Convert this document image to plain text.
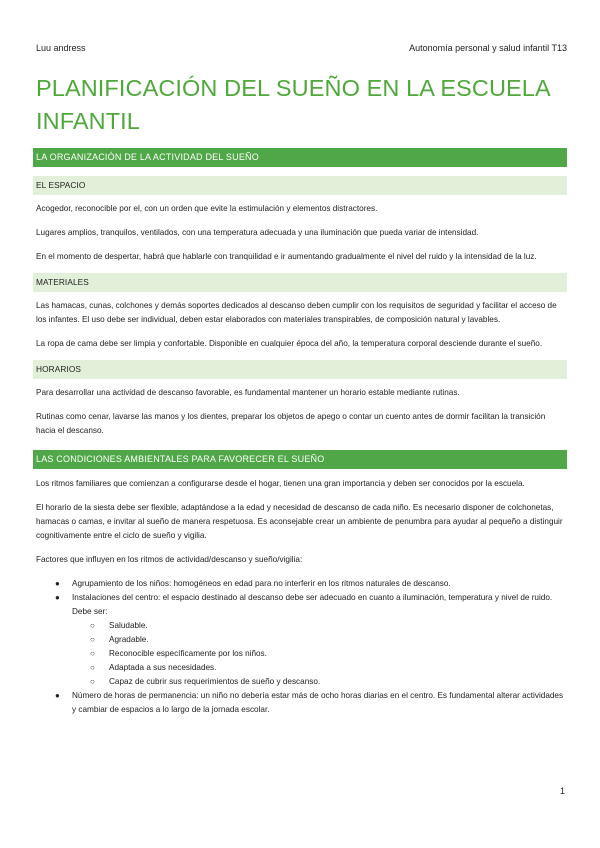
Luu andress	Autonomía personal y salud infantil T13
PLANIFICACIÓN DEL SUEÑO EN LA ESCUELA INFANTIL
LA ORGANIZACIÓN DE LA ACTIVIDAD DEL SUEÑO
EL ESPACIO

Acogedor, reconocible por el, con un orden que evite la estimulación y elementos distractores.

Lugares amplios, tranquilos, ventilados, con una temperatura adecuada y una iluminación que pueda variar de intensidad.

En el momento de despertar, habrá que hablarle con tranquilidad e ir aumentando gradualmente el nivel del ruido y la intensidad de la luz.

MATERIALES

Las hamacas, cunas, colchones y demás soportes dedicados al descanso deben cumplir con los requisitos de seguridad y facilitar el acceso de los infantes. El uso debe ser individual, deben estar elaborados con materiales transpirables, de composición natural y lavables.

La ropa de cama debe ser limpia y confortable. Disponible en cualquier época del año, la temperatura corporal desciende durante el sueño.

HORARIOS

Para desarrollar una actividad de descanso favorable, es fundamental mantener un horario estable mediante rutinas.

Rutinas como cenar, lavarse las manos y los dientes, preparar los objetos de apego o contar un cuento antes de dormir facilitan la transición hacia el descanso.

LAS CONDICIONES AMBIENTALES PARA FAVORECER EL SUEÑO

Los ritmos familiares que comienzan a configurarse desde el hogar, tienen una gran importancia y deben ser conocidos por la escuela.

El horario de la siesta debe ser flexible, adaptándose a la edad y necesidad de descanso de cada niño. Es necesario disponer de colchonetas, hamacas o camas, e invitar al sueño de manera respetuosa. Es aconsejable crear un ambiente de penumbra para ayudar al pequeño a distinguir cognitivamente entre el ciclo de sueño y vigilia.

Factores que influyen en los ritmos de actividad/descanso y sueño/vigilia:

● Agrupamiento de los niños: homogéneos en edad para no interferir en los ritmos naturales de descanso.
● Instalaciones del centro: el espacio destinado al descanso debe ser adecuado en cuanto a iluminación, temperatura y nivel de ruido. Debe ser:
○ Saludable.
○ Agradable.
○ Reconocible específicamente por los niños.
○ Adaptada a sus necesidades.
○ Capaz de cubrir sus requerimientos de sueño y descanso.
● Número de horas de permanencia: un niño no debería estar más de ocho horas diarias en el centro. Es fundamental alterar actividades y cambiar de espacios a lo largo de la jornada escolar.
1
